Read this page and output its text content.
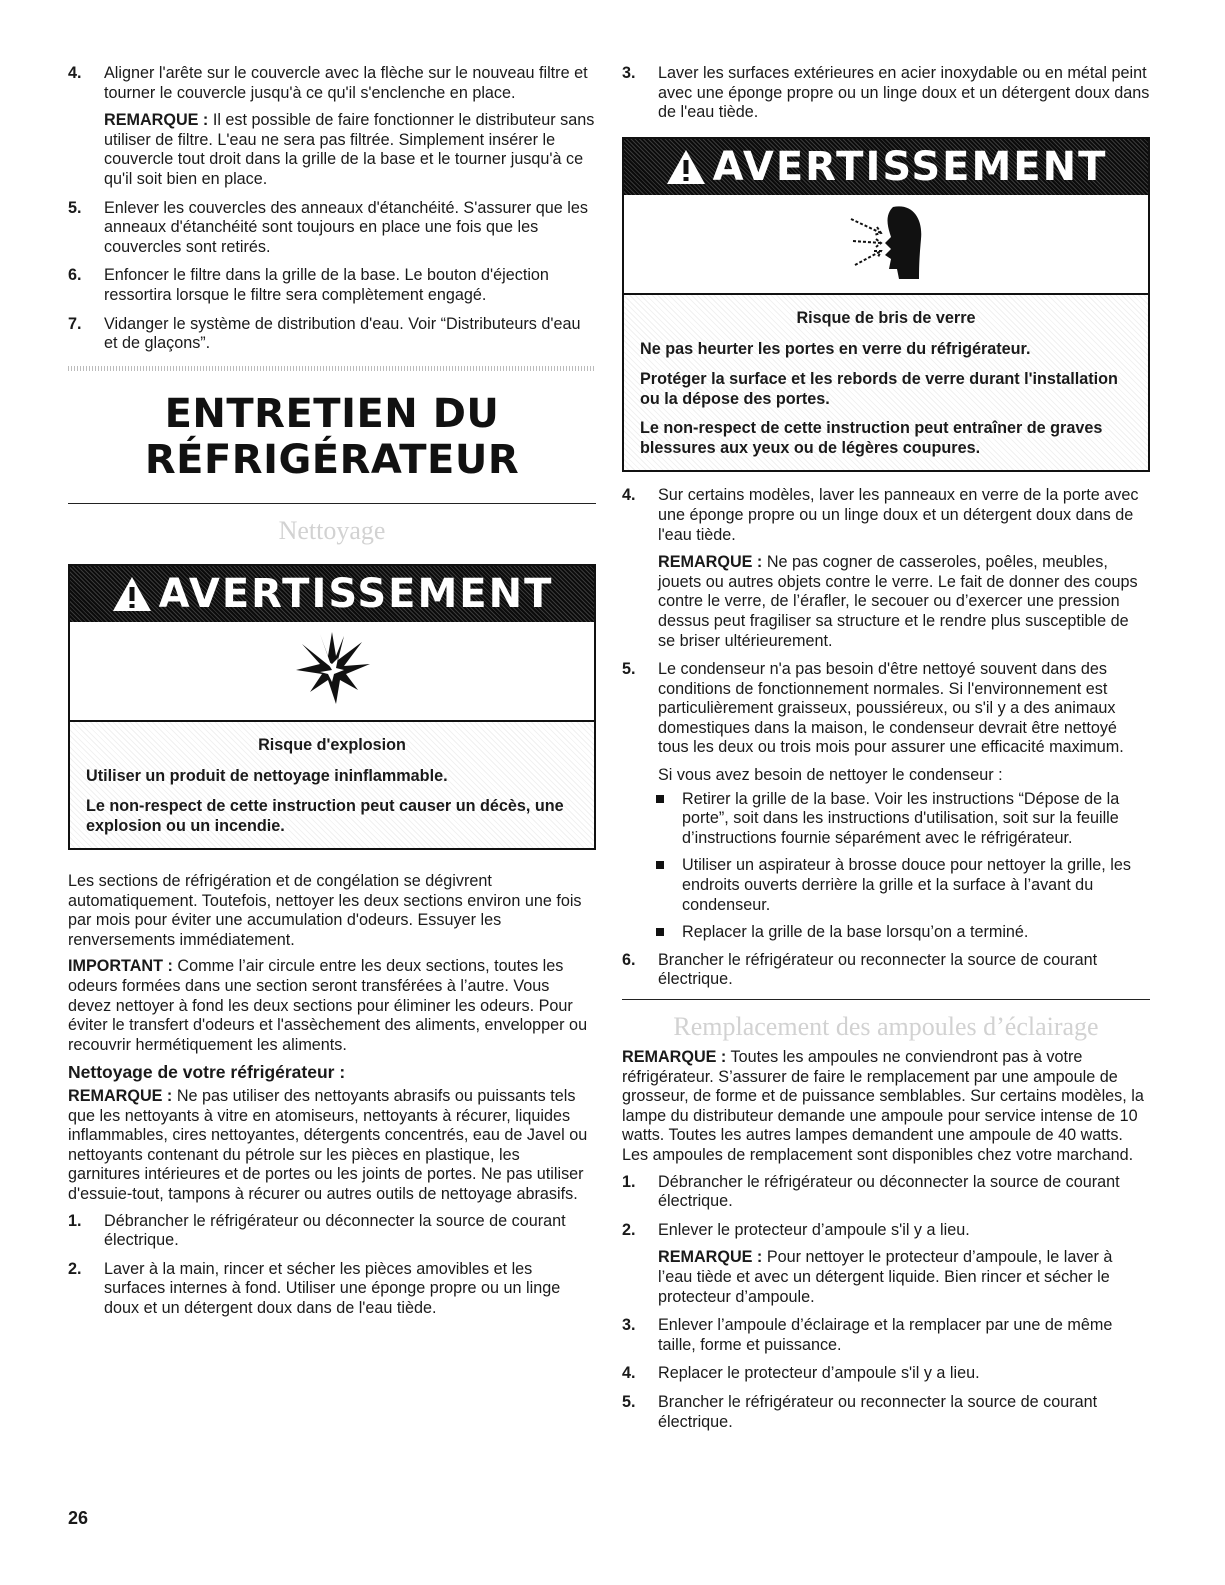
4. Aligner l'arête sur le couvercle avec la flèche sur le nouveau filtre et tourner le couvercle jusqu'à ce qu'il s'enclenche en place.

REMARQUE : Il est possible de faire fonctionner le distributeur sans utiliser de filtre. L'eau ne sera pas filtrée. Simplement insérer le couvercle tout droit dans la grille de la base et le tourner jusqu'à ce qu'il soit bien en place.

5. Enlever les couvercles des anneaux d'étanchéité. S'assurer que les anneaux d'étanchéité sont toujours en place une fois que les couvercles sont retirés.

6. Enfoncer le filtre dans la grille de la base. Le bouton d'éjection ressortira lorsque le filtre sera complètement engagé.

7. Vidanger le système de distribution d'eau. Voir “Distributeurs d'eau et de glaçons”.

ENTRETIEN DU
RÉFRIGÉRATEUR
Nettoyage
AVERTISSEMENT
Risque d'explosion
Utiliser un produit de nettoyage ininflammable.
Le non-respect de cette instruction peut causer un décès, une explosion ou un incendie.

Les sections de réfrigération et de congélation se dégivrent automatiquement. Toutefois, nettoyer les deux sections environ une fois par mois pour éviter une accumulation d'odeurs. Essuyer les renversements immédiatement.

IMPORTANT : Comme l’air circule entre les deux sections, toutes les odeurs formées dans une section seront transférées à l’autre. Vous devez nettoyer à fond les deux sections pour éliminer les odeurs. Pour éviter le transfert d'odeurs et l'assèchement des aliments, envelopper ou recouvrir hermétiquement les aliments.

Nettoyage de votre réfrigérateur :

REMARQUE : Ne pas utiliser des nettoyants abrasifs ou puissants tels que les nettoyants à vitre en atomiseurs, nettoyants à récurer, liquides inflammables, cires nettoyantes, détergents concentrés, eau de Javel ou nettoyants contenant du pétrole sur les pièces en plastique, les garnitures intérieures et de portes ou les joints de portes. Ne pas utiliser d'essuie-tout, tampons à récurer ou autres outils de nettoyage abrasifs.

1. Débrancher le réfrigérateur ou déconnecter la source de courant électrique.

2. Laver à la main, rincer et sécher les pièces amovibles et les surfaces internes à fond. Utiliser une éponge propre ou un linge doux et un détergent doux dans de l'eau tiède.

3. Laver les surfaces extérieures en acier inoxydable ou en métal peint avec une éponge propre ou un linge doux et un détergent doux dans de l'eau tiède.

AVERTISSEMENT
Risque de bris de verre
Ne pas heurter les portes en verre du réfrigérateur.
Protéger la surface et les rebords de verre durant l'installation ou la dépose des portes.
Le non-respect de cette instruction peut entraîner de graves blessures aux yeux ou de légères coupures.
4. Sur certains modèles, laver les panneaux en verre de la porte avec une éponge propre ou un linge doux et un détergent doux dans de l'eau tiède.

REMARQUE : Ne pas cogner de casseroles, poêles, meubles, jouets ou autres objets contre le verre. Le fait de donner des coups contre le verre, de l’érafler, le secouer ou d’exercer une pression dessus peut fragiliser sa structure et le rendre plus susceptible de se briser ultérieurement.

5. Le condenseur n'a pas besoin d'être nettoyé souvent dans des conditions de fonctionnement normales. Si l'environnement est particulièrement graisseux, poussiéreux, ou s'il y a des animaux domestiques dans la maison, le condenseur devrait être nettoyé tous les deux ou trois mois pour assurer une efficacité maximum.

Si vous avez besoin de nettoyer le condenseur :

Retirer la grille de la base. Voir les instructions “Dépose de la porte”, soit dans les instructions d'utilisation, soit sur la feuille d’instructions fournie séparément avec le réfrigérateur.
Utiliser un aspirateur à brosse douce pour nettoyer la grille, les endroits ouverts derrière la grille et la surface à l’avant du condenseur.
Replacer la grille de la base lorsqu’on a terminé.
6. Brancher le réfrigérateur ou reconnecter la source de courant électrique.

Remplacement des ampoules d’éclairage

REMARQUE : Toutes les ampoules ne conviendront pas à votre réfrigérateur. S’assurer de faire le remplacement par une ampoule de grosseur, de forme et de puissance semblables. Sur certains modèles, la lampe du distributeur demande une ampoule pour service intense de 10 watts. Toutes les autres lampes demandent une ampoule de 40 watts. Les ampoules de remplacement sont disponibles chez votre marchand.

1. Débrancher le réfrigérateur ou déconnecter la source de courant électrique.

2. Enlever le protecteur d’ampoule s'il y a lieu.

REMARQUE : Pour nettoyer le protecteur d’ampoule, le laver à l’eau tiède et avec un détergent liquide. Bien rincer et sécher le protecteur d’ampoule.

3. Enlever l’ampoule d’éclairage et la remplacer par une de même taille, forme et puissance.

4. Replacer le protecteur d’ampoule s'il y a lieu.

5. Brancher le réfrigérateur ou reconnecter la source de courant électrique.

26
